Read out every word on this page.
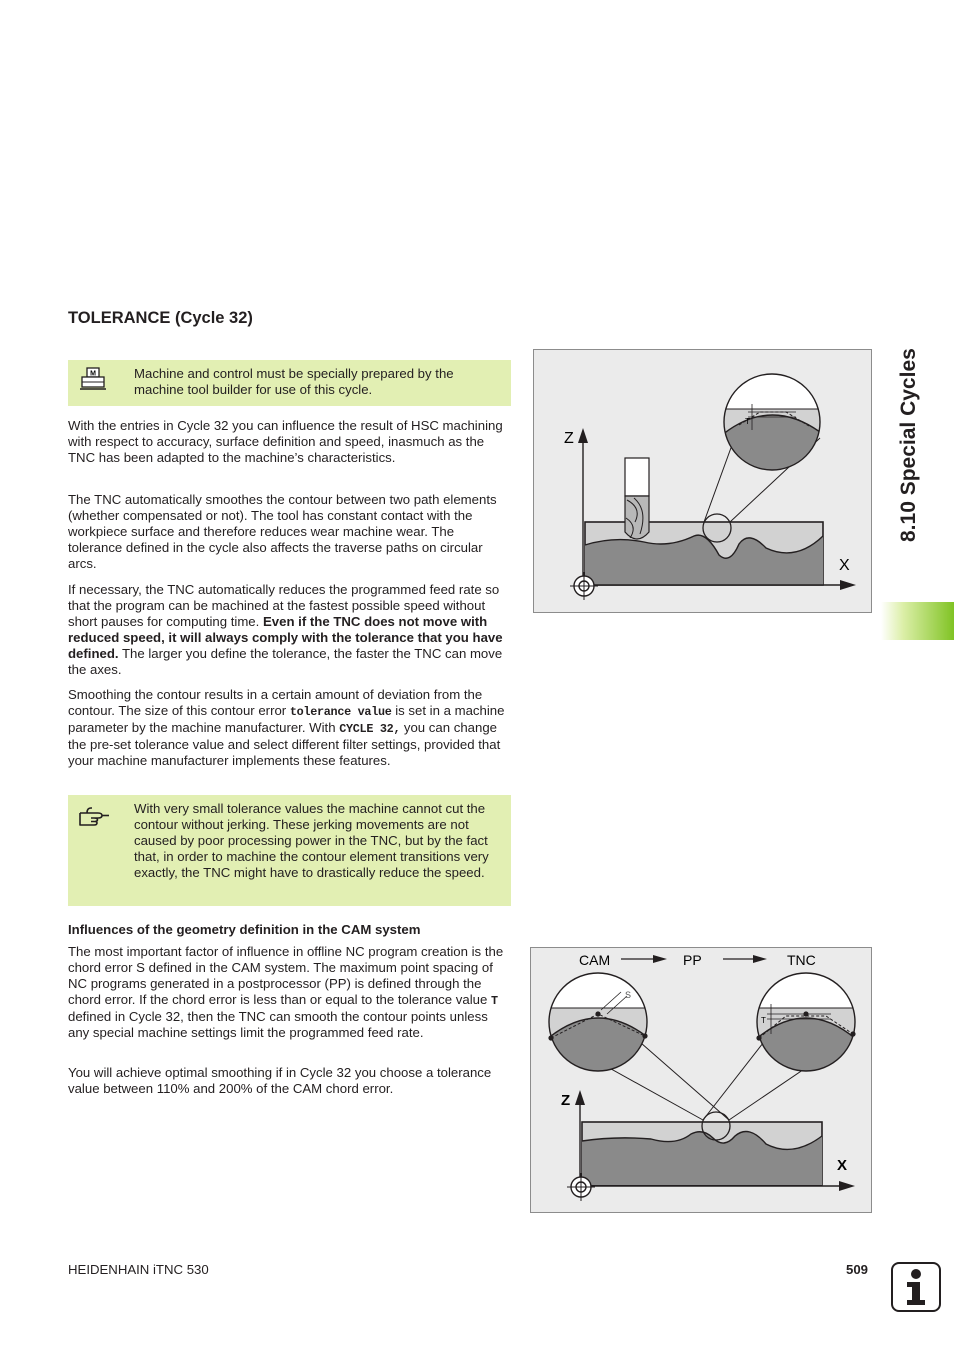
TOLERANCE (Cycle 32)
M	Machine and control must be specially prepared by the machine tool builder for use of this cycle.

With the entries in Cycle 32 you can influence the result of HSC machining with respect to accuracy, surface definition and speed, inasmuch as the TNC has been adapted to the machine’s characteristics.

The TNC automatically smoothes the contour between two path elements (whether compensated or not). The tool has constant contact with the workpiece surface and therefore reduces wear machine wear. The tolerance defined in the cycle also affects the traverse paths on circular arcs.

If necessary, the TNC automatically reduces the programmed feed rate so that the program can be machined at the fastest possible speed without short pauses for computing time. Even if the TNC does not move with reduced speed, it will always comply with the tolerance that you have defined. The larger you define the tolerance, the faster the TNC can move the axes.

Smoothing the contour results in a certain amount of deviation from the contour. The size of this contour error tolerance value is set in a machine parameter by the machine manufacturer. With CYCLE 32, you can change the pre-set tolerance value and select different filter settings, provided that your machine manufacturer implements these features.

With very small tolerance values the machine cannot cut the contour without jerking. These jerking movements are not caused by poor processing power in the TNC, but by the fact that, in order to machine the contour element transitions very exactly, the TNC might have to drastically reduce the speed.
Influences of the geometry definition in the CAM system

The most important factor of influence in offline NC program creation is the chord error S defined in the CAM system. The maximum point spacing of NC programs generated in a postprocessor (PP) is defined through the chord error. If the chord error is less than or equal to the tolerance value T defined in Cycle 32, then the TNC can smooth the contour points unless any special machine settings limit the programmed feed rate.

You will achieve optimal smoothing if in Cycle 32 you choose a tolerance value between 110% and 200% of the CAM chord error.

T
Z
X
CAM	PP	TNC
S
T
Z
X
8.10 Special Cycles
HEIDENHAIN iTNC 530	509
